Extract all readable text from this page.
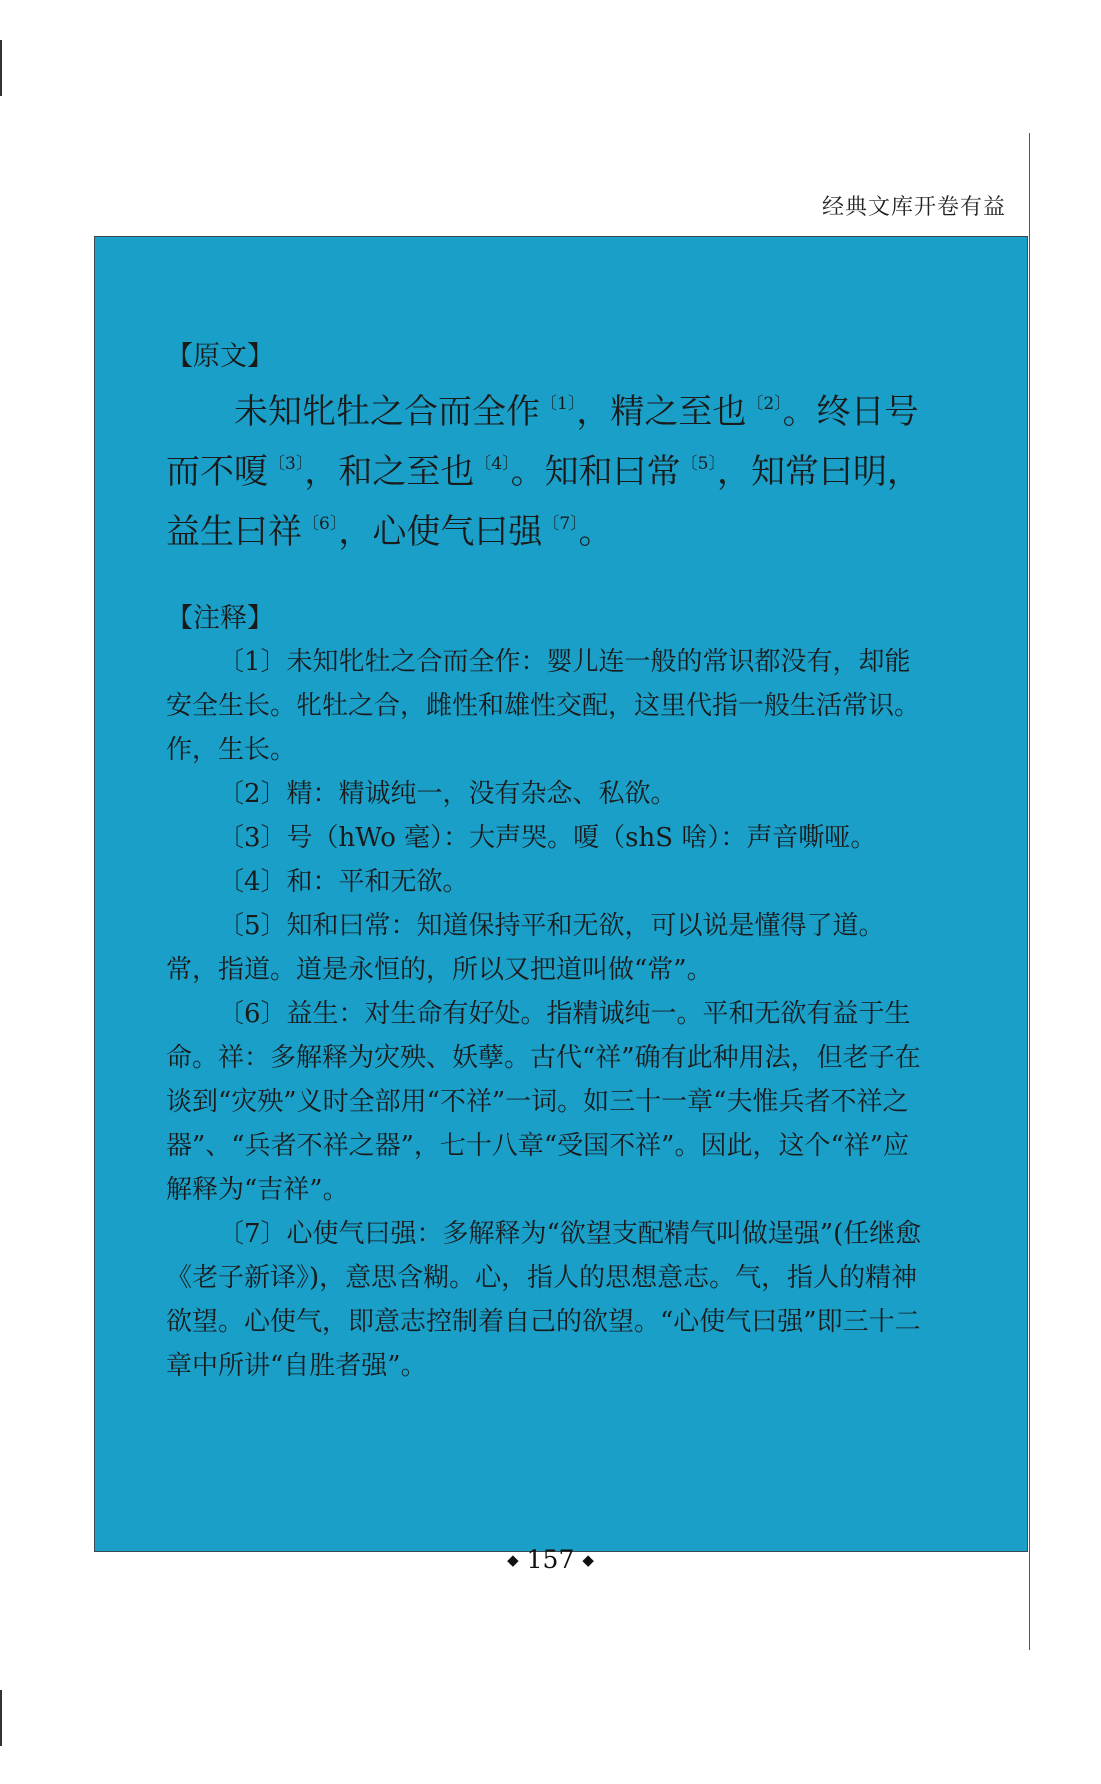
经典文库开卷有益
【原文】

未知牝牡之合而全作$^{〔1〕}$，精之至也$^{〔2〕}$。终日号而不嗄$^{〔3〕}$，和之至也$^{〔4〕}$。知和曰常$^{〔5〕}$，知常曰明，益生曰祥$^{〔6〕}$，心使气曰强$^{〔7〕}$。

【注释】

〔1〕未知牝牡之合而全作：婴儿连一般的常识都没有，却能安全生长。牝牡之合，雌性和雄性交配，这里代指一般生活常识。作，生长。

〔2〕精：精诚纯一，没有杂念、私欲。

〔3〕号（hWo 毫）：大声哭。嗄（shS 啥）：声音嘶哑。

〔4〕和：平和无欲。

〔5〕知和曰常：知道保持平和无欲，可以说是懂得了道。常，指道。道是永恒的，所以又把道叫做“常”。

〔6〕益生：对生命有好处。指精诚纯一。平和无欲有益于生命。祥：多解释为灾殃、妖孽。古代“祥”确有此种用法，但老子在谈到“灾殃”义时全部用“不祥”一词。如三十一章“夫惟兵者不祥之器”、“兵者不祥之器”，七十八章“受国不祥”。因此，这个“祥”应解释为“吉祥”。

〔7〕心使气曰强：多解释为“欲望支配精气叫做逞强”(任继愈《老子新译》)，意思含糊。心，指人的思想意志。气，指人的精神欲望。心使气，即意志控制着自己的欲望。“心使气曰强”即三十二章中所讲“自胜者强”。

◆ 157 ◆
